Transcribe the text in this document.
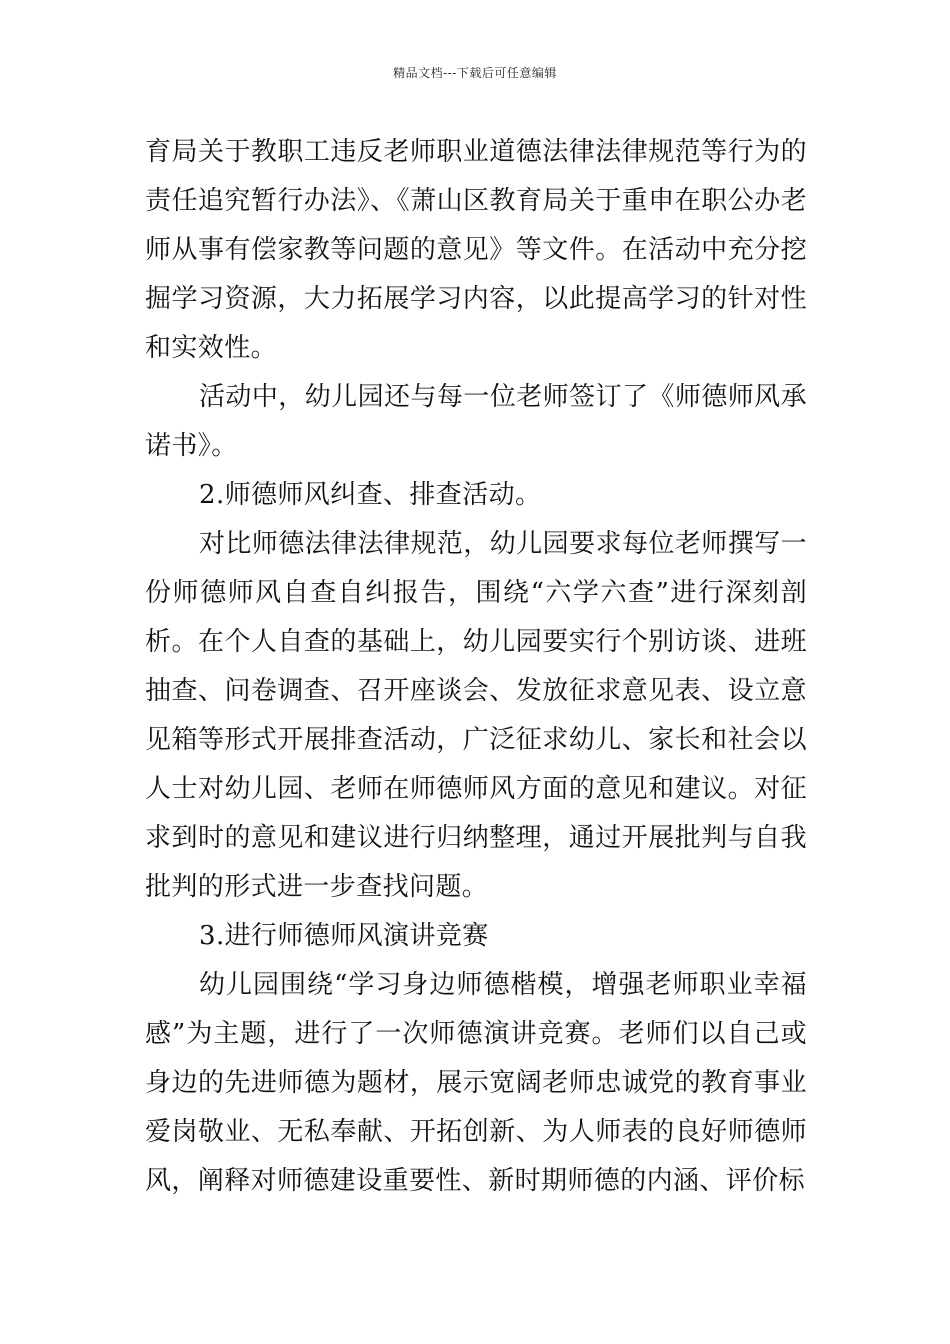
精品文档---下载后可任意编辑

育局关于教职工违反老师职业道德法律法律规范等行为的责任追究暂行办法》、《萧山区教育局关于重申在职公办老师从事有偿家教等问题的意见》等文件。在活动中充分挖掘学习资源，大力拓展学习内容，以此提高学习的针对性和实效性。

活动中，幼儿园还与每一位老师签订了《师德师风承诺书》。

2.师德师风纠查、排查活动。

对比师德法律法律规范，幼儿园要求每位老师撰写一份师德师风自查自纠报告，围绕“六学六查”进行深刻剖析。在个人自查的基础上，幼儿园要实行个别访谈、进班抽查、问卷调查、召开座谈会、发放征求意见表、设立意见箱等形式开展排查活动，广泛征求幼儿、家长和社会以人士对幼儿园、老师在师德师风方面的意见和建议。对征求到时的意见和建议进行归纳整理，通过开展批判与自我批判的形式进一步查找问题。

3.进行师德师风演讲竞赛

幼儿园围绕“学习身边师德楷模，增强老师职业幸福感”为主题，进行了一次师德演讲竞赛。老师们以自己或身边的先进师德为题材，展示宽阔老师忠诚党的教育事业爱岗敬业、无私奉献、开拓创新、为人师表的良好师德师风，阐释对师德建设重要性、新时期师德的内涵、评价标
